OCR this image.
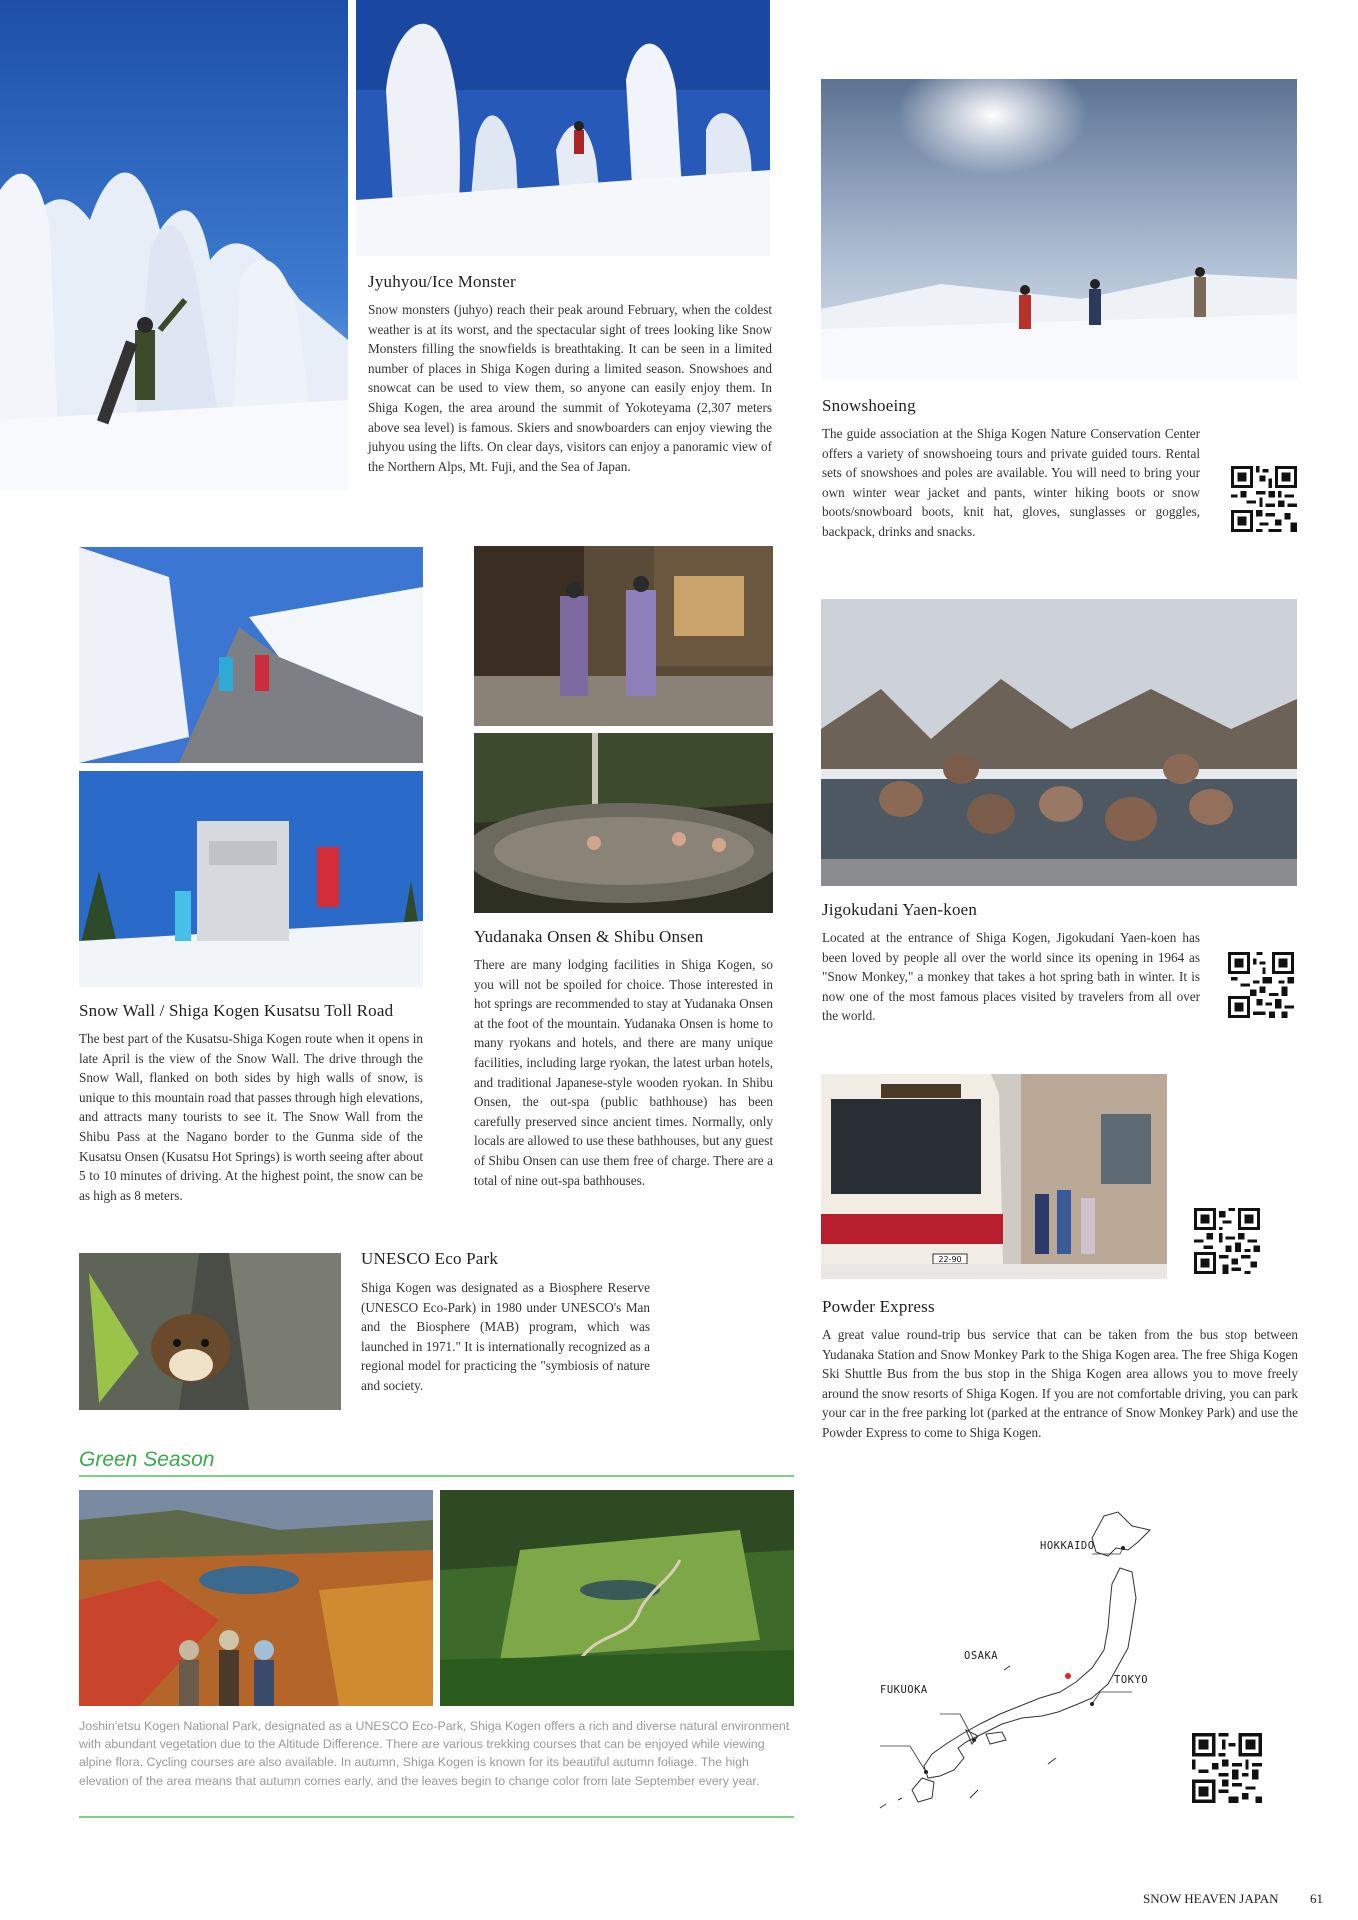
22-90
Jyuhyou/Ice Monster

Snow monsters (juhyo) reach their peak around February, when the coldest weather is at its worst, and the spectacular sight of trees looking like Snow Monsters filling the snowfields is breathtaking. It can be seen in a limited number of places in Shiga Kogen during a limited season. Snowshoes and snowcat can be used to view them, so anyone can easily enjoy them. In Shiga Kogen, the area around the summit of Yokoteyama (2,307 meters above sea level) is famous. Skiers and snowboarders can enjoy viewing the juhyou using the lifts. On clear days, visitors can enjoy a panoramic view of the Northern Alps, Mt. Fuji, and the Sea of Japan.

Snowshoeing

The guide association at the Shiga Kogen Nature Conservation Center offers a variety of snowshoeing tours and private guided tours. Rental sets of snowshoes and poles are available. You will need to bring your own winter wear jacket and pants, winter hiking boots or snow boots/snowboard boots, knit hat, gloves, sunglasses or goggles, backpack, drinks and snacks.

Snow Wall / Shiga Kogen Kusatsu Toll Road

The best part of the Kusatsu-Shiga Kogen route when it opens in late April is the view of the Snow Wall. The drive through the Snow Wall, flanked on both sides by high walls of snow, is unique to this mountain road that passes through high elevations, and attracts many tourists to see it. The Snow Wall from the Shibu Pass at the Nagano border to the Gunma side of the Kusatsu Onsen (Kusatsu Hot Springs) is worth seeing after about 5 to 10 minutes of driving. At the highest point, the snow can be as high as 8 meters.

Yudanaka Onsen & Shibu Onsen

There are many lodging facilities in Shiga Kogen, so you will not be spoiled for choice. Those interested in hot springs are recommended to stay at Yudanaka Onsen at the foot of the mountain. Yudanaka Onsen is home to many ryokans and hotels, and there are many unique facilities, including large ryokan, the latest urban hotels, and traditional Japanese-style wooden ryokan. In Shibu Onsen, the out-spa (public bathhouse) has been carefully preserved since ancient times. Normally, only locals are allowed to use these bathhouses, but any guest of Shibu Onsen can use them free of charge. There are a total of nine out-spa bathhouses.

Jigokudani Yaen-koen

Located at the entrance of Shiga Kogen, Jigokudani Yaen-koen has been loved by people all over the world since its opening in 1964 as "Snow Monkey," a monkey that takes a hot spring bath in winter. It is now one of the most famous places visited by travelers from all over the world.

UNESCO Eco Park

Shiga Kogen was designated as a Biosphere Reserve (UNESCO Eco-Park) in 1980 under UNESCO's Man and the Biosphere (MAB) program, which was launched in 1971." It is internationally recognized as a regional model for practicing the "symbiosis of nature and society.

Powder Express

A great value round-trip bus service that can be taken from the bus stop between Yudanaka Station and Snow Monkey Park to the Shiga Kogen area. The free Shiga Kogen Ski Shuttle Bus from the bus stop in the Shiga Kogen area allows you to move freely around the snow resorts of Shiga Kogen. If you are not comfortable driving, you can park your car in the free parking lot (parked at the entrance of Snow Monkey Park) and use the Powder Express to come to Shiga Kogen.

Green Season

Joshin'etsu Kogen National Park, designated as a UNESCO Eco-Park, Shiga Kogen offers a rich and diverse natural environment with abundant vegetation due to the Altitude Difference. There are various trekking courses that can be enjoyed while viewing alpine flora. Cycling courses are also available. In autumn, Shiga Kogen is known for its beautiful autumn foliage. The high elevation of the area means that autumn comes early, and the leaves begin to change color from late September every year.

HOKKAIDO
OSAKA
TOKYO
FUKUOKA
SNOW HEAVEN JAPAN 61
